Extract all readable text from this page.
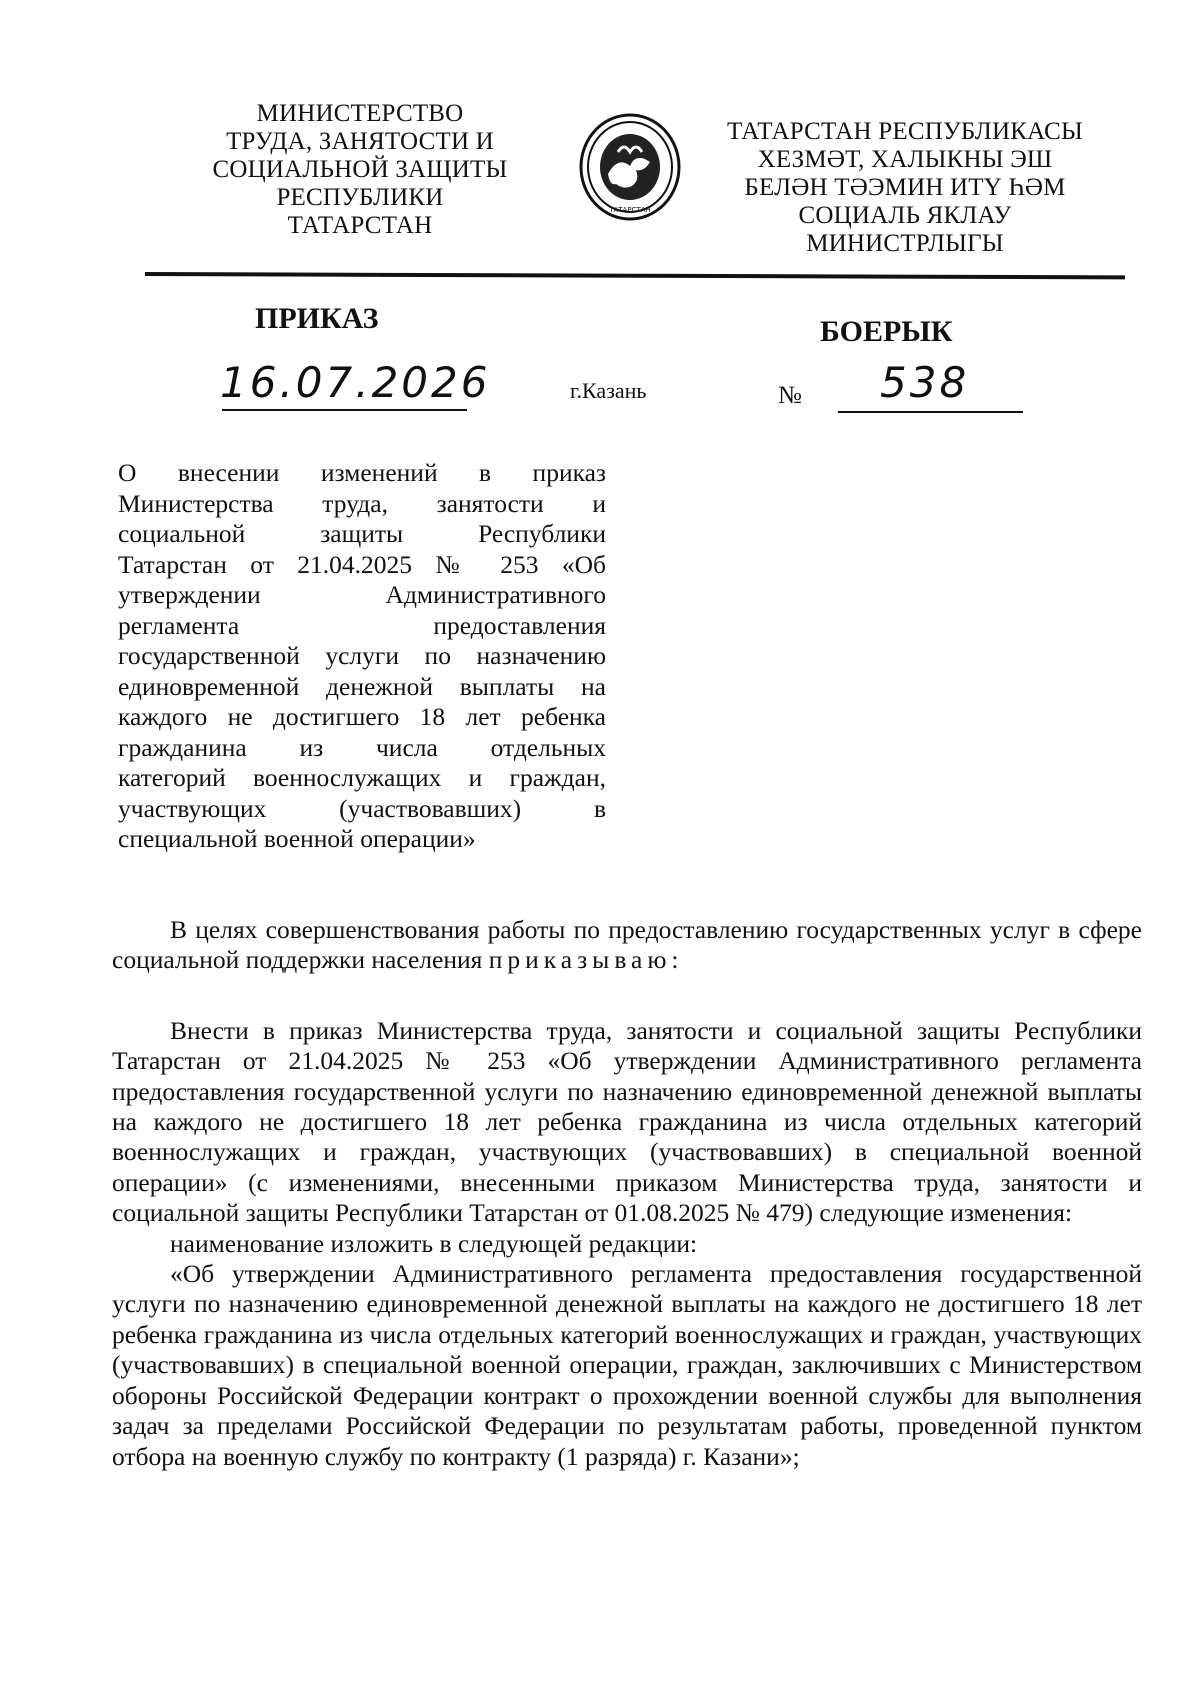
МИНИСТЕРСТВО
ТРУДА, ЗАНЯТОСТИ И
СОЦИАЛЬНОЙ ЗАЩИТЫ
РЕСПУБЛИКИ
ТАТАРСТАН
ТАТАРСТАН
ТАТАРСТАН РЕСПУБЛИКАСЫ
ХЕЗМӘТ, ХАЛЫКНЫ ЭШ
БЕЛӘН ТӘЭМИН ИТҮ ҺӘМ
СОЦИАЛЬ ЯКЛАУ
МИНИСТРЛЫГЫ
ПРИКАЗ	БОЕРЫК
16.07.2026	г.Казань	№ 538
О внесении изменений в приказ
Министерства труда, занятости и
социальной защиты Республики
Татарстан от 21.04.2025 № 253 «Об
утверждении Административного
регламента предоставления
государственной услуги по назначению
единовременной денежной выплаты на
каждого не достигшего 18 лет ребенка
гражданина из числа отдельных
категорий военнослужащих и граждан,
участвующих (участвовавших) в
специальной военной операции»

В целях совершенствования работы по предоставлению государственных услуг в сфере социальной поддержки населения приказываю:

Внести в приказ Министерства труда, занятости и социальной защиты Республики Татарстан от 21.04.2025 № 253 «Об утверждении Административного регламента предоставления государственной услуги по назначению единовременной денежной выплаты на каждого не достигшего 18 лет ребенка гражданина из числа отдельных категорий военнослужащих и граждан, участвующих (участвовавших) в специальной военной операции» (с изменениями, внесенными приказом Министерства труда, занятости и социальной защиты Республики Татарстан от 01.08.2025 № 479) следующие изменения:

наименование изложить в следующей редакции:

«Об утверждении Административного регламента предоставления государственной услуги по назначению единовременной денежной выплаты на каждого не достигшего 18 лет ребенка гражданина из числа отдельных категорий военнослужащих и граждан, участвующих (участвовавших) в специальной военной операции, граждан, заключивших с Министерством обороны Российской Федерации контракт о прохождении военной службы для выполнения задач за пределами Российской Федерации по результатам работы, проведенной пунктом отбора на военную службу по контракту (1 разряда) г. Казани»;
